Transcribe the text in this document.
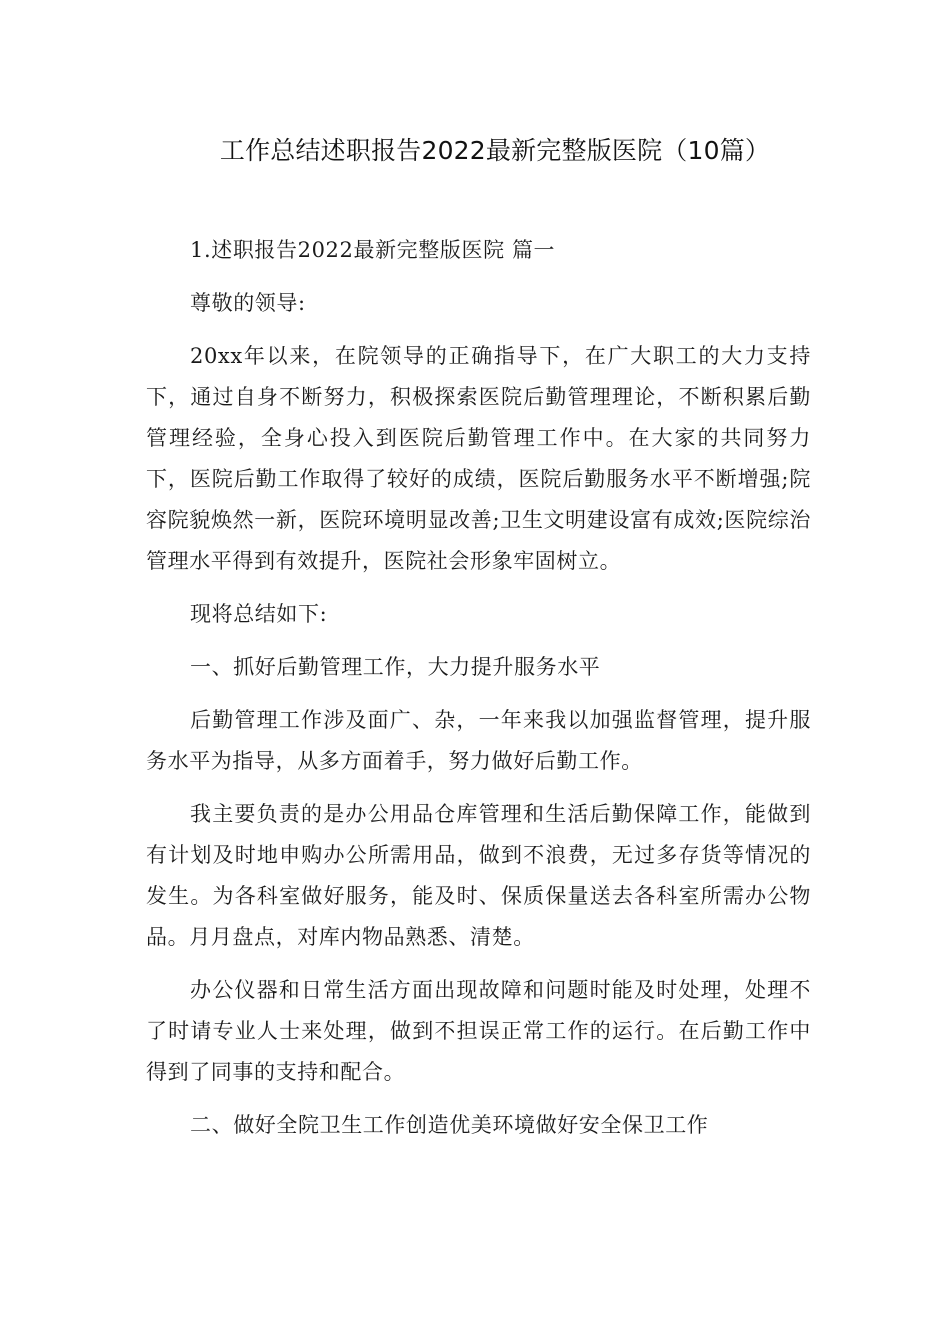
工作总结述职报告2022最新完整版医院（10篇）

1.述职报告2022最新完整版医院 篇一

尊敬的领导:

20xx年以来，在院领导的正确指导下，在广大职工的大力支持下，通过自身不断努力，积极探索医院后勤管理理论，不断积累后勤管理经验，全身心投入到医院后勤管理工作中。在大家的共同努力下，医院后勤工作取得了较好的成绩，医院后勤服务水平不断增强;院容院貌焕然一新，医院环境明显改善;卫生文明建设富有成效;医院综治管理水平得到有效提升，医院社会形象牢固树立。

现将总结如下:

一、抓好后勤管理工作，大力提升服务水平

后勤管理工作涉及面广、杂，一年来我以加强监督管理，提升服务水平为指导，从多方面着手，努力做好后勤工作。

我主要负责的是办公用品仓库管理和生活后勤保障工作，能做到有计划及时地申购办公所需用品，做到不浪费，无过多存货等情况的发生。为各科室做好服务，能及时、保质保量送去各科室所需办公物品。月月盘点，对库内物品熟悉、清楚。

办公仪器和日常生活方面出现故障和问题时能及时处理，处理不了时请专业人士来处理，做到不担误正常工作的运行。在后勤工作中得到了同事的支持和配合。

二、做好全院卫生工作创造优美环境做好安全保卫工作
